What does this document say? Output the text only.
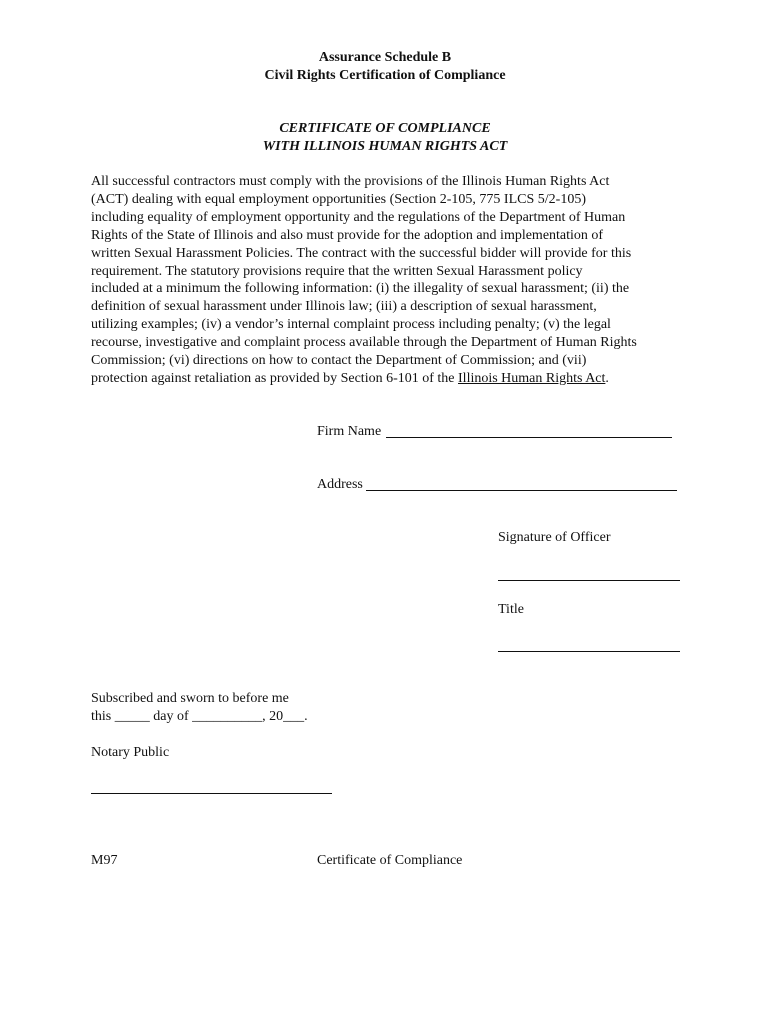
Assurance Schedule B
Civil Rights Certification of Compliance
CERTIFICATE OF COMPLIANCE
WITH ILLINOIS HUMAN RIGHTS ACT
All successful contractors must comply with the provisions of the Illinois Human Rights Act
(ACT) dealing with equal employment opportunities (Section 2-105, 775 ILCS 5/2-105)
including equality of employment opportunity and the regulations of the Department of Human
Rights of the State of Illinois and also must provide for the adoption and implementation of
written Sexual Harassment Policies. The contract with the successful bidder will provide for this
requirement. The statutory provisions require that the written Sexual Harassment policy
included at a minimum the following information: (i) the illegality of sexual harassment; (ii) the
definition of sexual harassment under Illinois law; (iii) a description of sexual harassment,
utilizing examples; (iv) a vendor’s internal complaint process including penalty; (v) the legal
recourse, investigative and complaint process available through the Department of Human Rights
Commission; (vi) directions on how to contact the Department of Commission; and (vii)
protection against retaliation as provided by Section 6-101 of the Illinois Human Rights Act.
Firm Name
Address
Signature of Officer
Title
Subscribed and sworn to before me
this _____ day of __________, 20___.
Notary Public
M97	Certificate of Compliance
